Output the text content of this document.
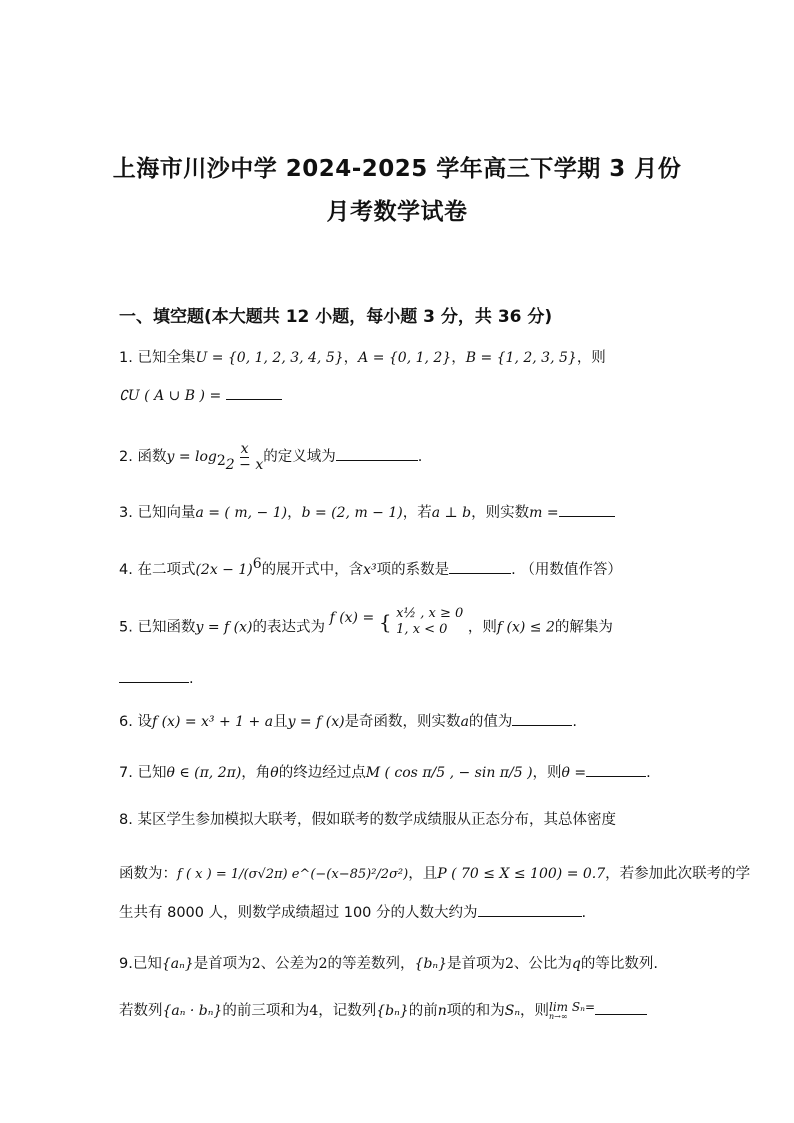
上海市川沙中学 2024-2025 学年高三下学期 3 月份
月考数学试卷
一、填空题(本大题共 12 小题，每小题 3 分，共 36 分)
1. 已知全集U = {0, 1, 2, 3, 4, 5}，A = {0, 1, 2}，B = {1, 2, 3, 5}，则
∁U ( A ∪ B ) =
2. 函数$y = \log_2 \frac{x}{2 - x}$ 的定义域为	.
3. 已知向量a = ( m, − 1)，b = (2, m − 1)，若a ⊥ b，则实数m =
4. 在二项式$(2x - 1)^6$的展开式中，含x³项的系数是	. （用数值作答）
5. 已知函数y = f (x)的表达式为 f (x) = { x½ , x ≥ 0
1, x < 0	，则f (x) ≤ 2的解集为
.
6. 设f (x) = x³ + 1 + a且y = f (x)是奇函数，则实数a的值为	.
7. 已知θ ∈ (π, 2π)，角θ的终边经过点M ( cos π/5 , − sin π/5 )，则θ =	.
8. 某区学生参加模拟大联考，假如联考的数学成绩服从正态分布，其总体密度
函数为：f ( x ) = 1/(σ√2π) e^(−(x−85)²/2σ²)，且P ( 70 ≤ X ≤ 100) = 0.7，若参加此次联考的学
生共有 8000 人，则数学成绩超过 100 分的人数大约为	.
9.已知{aₙ}是首项为2、公差为2的等差数列，{bₙ}是首项为2、公比为q的等比数列.
若数列{aₙ · bₙ}的前三项和为4，记数列{bₙ}的前n项的和为Sₙ，则 lim Sₙ=
n→∞
